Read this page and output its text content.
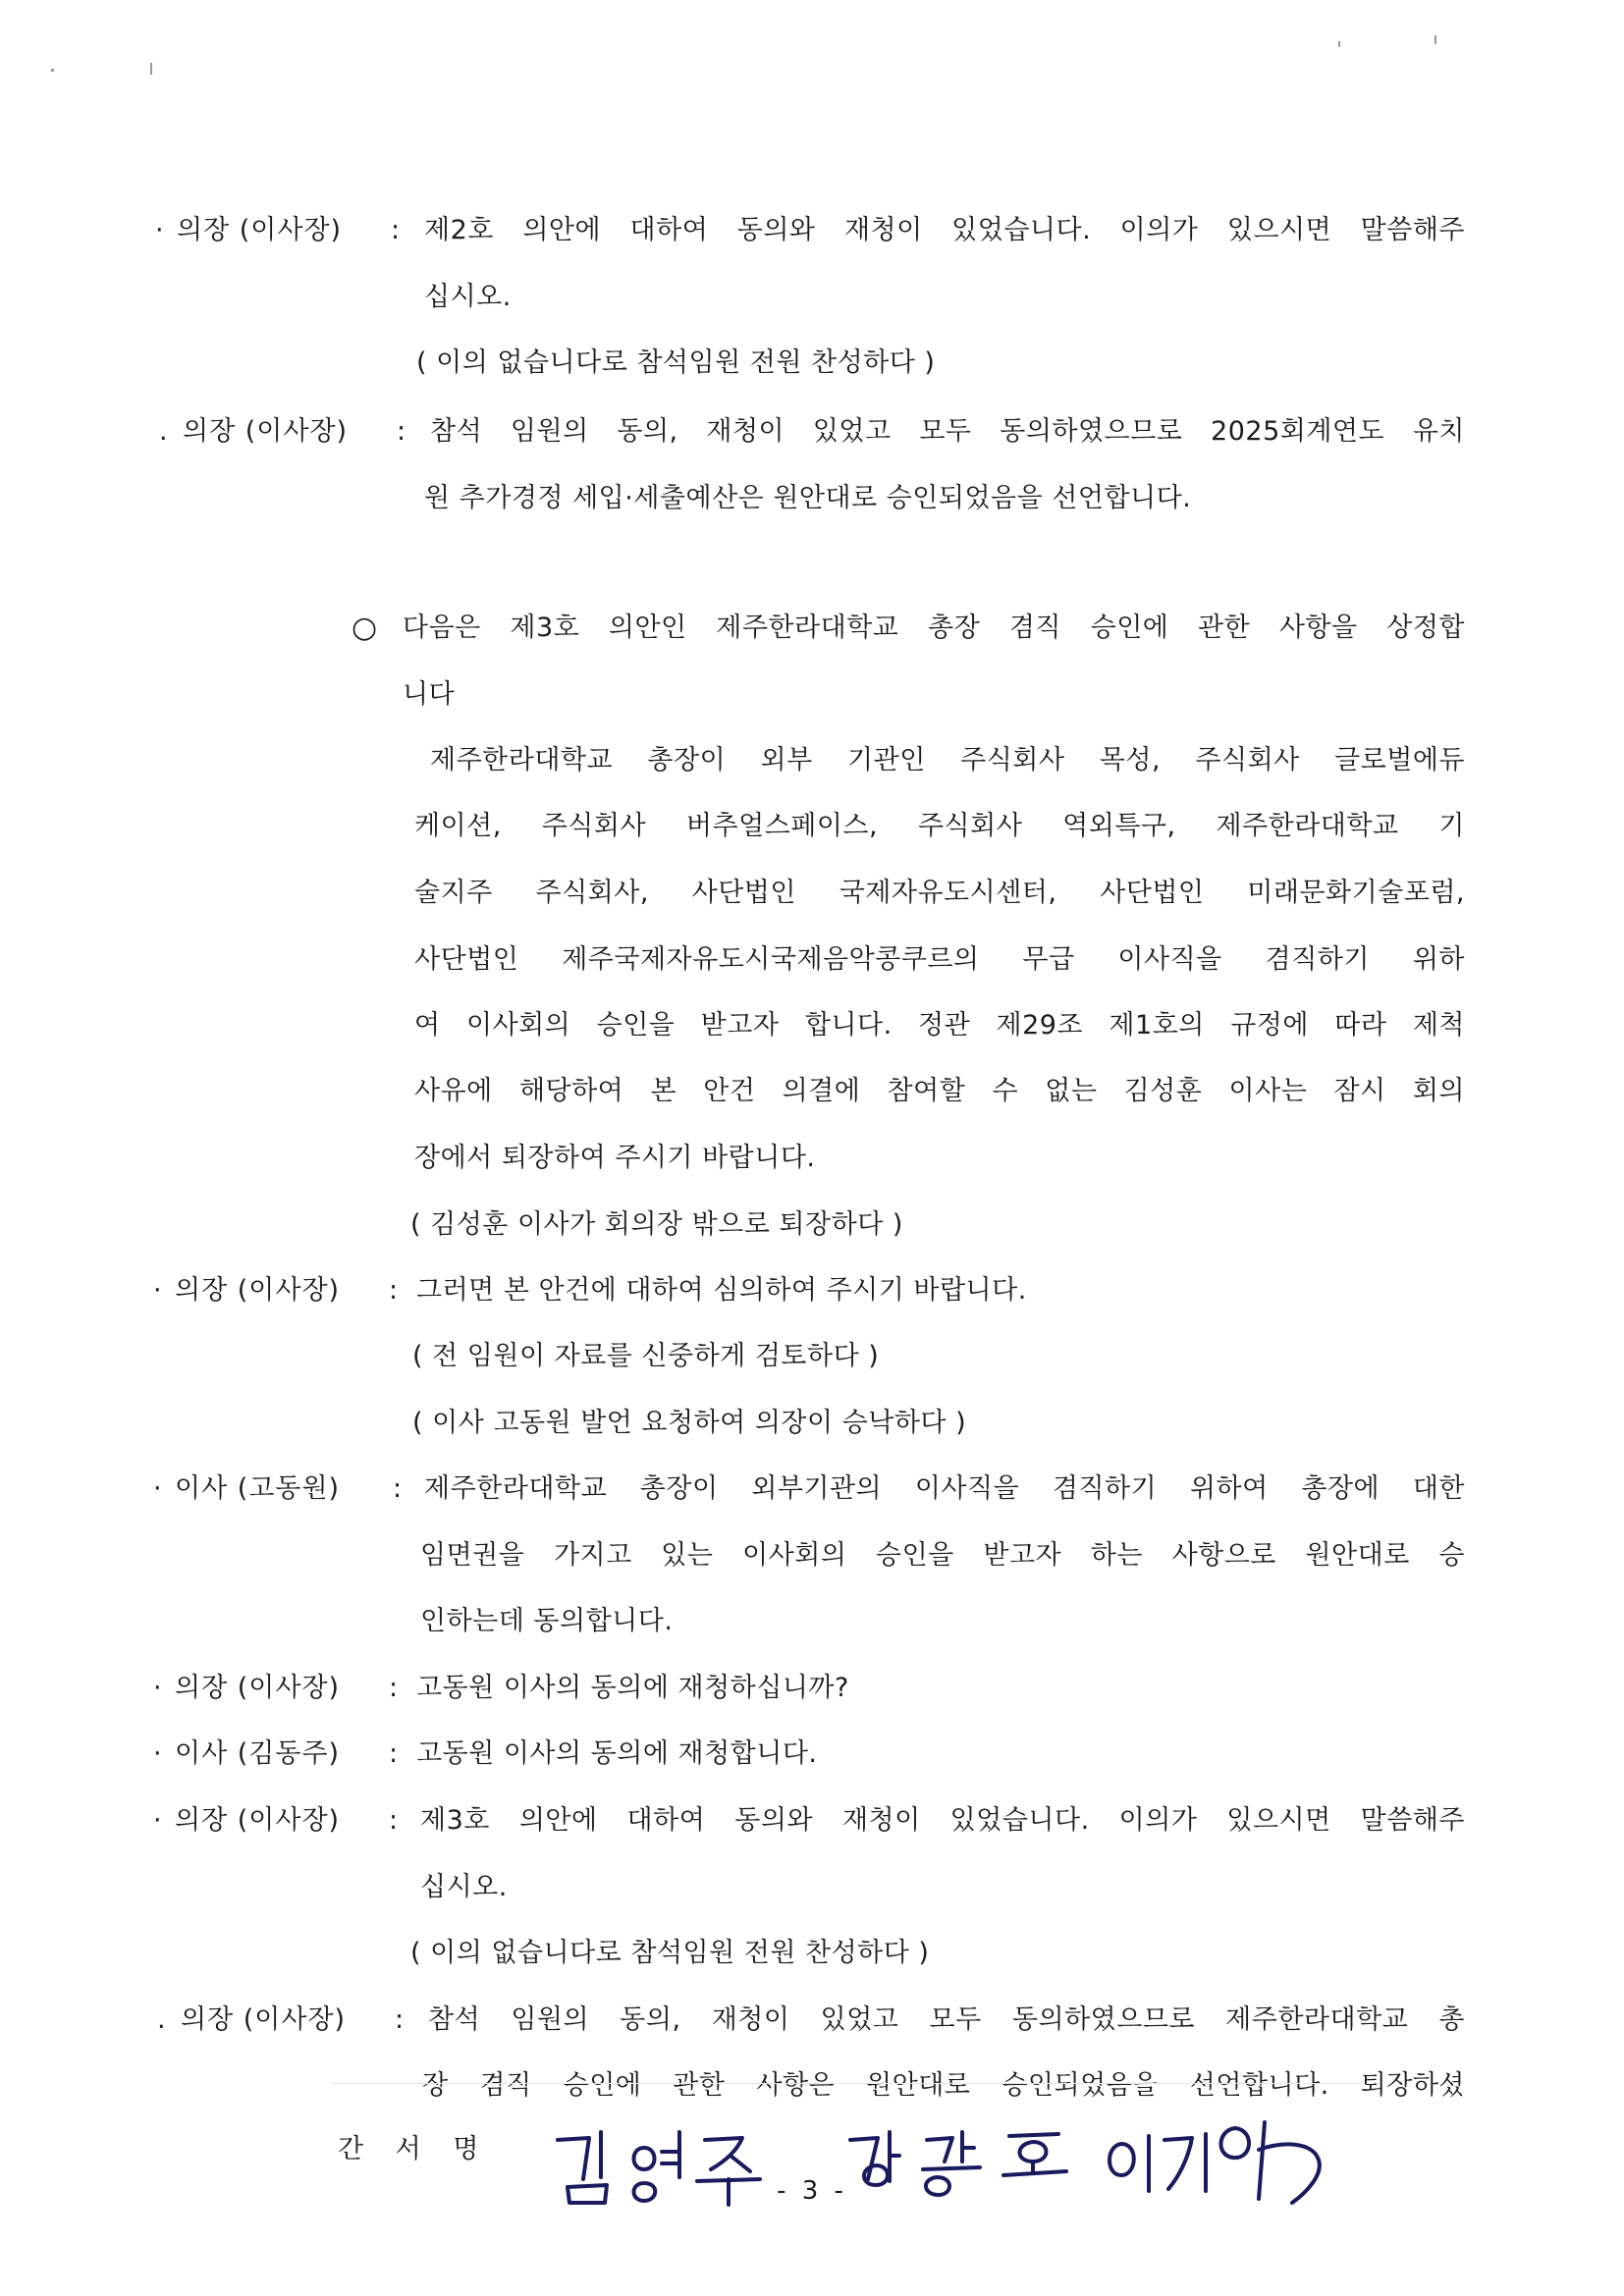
· 의장 (이사장) : 제2호 의안에 대하여 동의와 재청이 있었습니다. 이의가 있으시면 말씀해주
십시오.
( 이의 없습니다로 참석임원 전원 찬성하다 )
. 의장 (이사장) : 참석 임원의 동의, 재청이 있었고 모두 동의하였으므로 2025회계연도 유치
원 추가경정 세입·세출예산은 원안대로 승인되었음을 선언합니다.
○ 다음은 제3호 의안인 제주한라대학교 총장 겸직 승인에 관한 사항을 상정합
니다
제주한라대학교 총장이 외부 기관인 주식회사 목성, 주식회사 글로벌에듀
케이션, 주식회사 버추얼스페이스, 주식회사 역외특구, 제주한라대학교 기
술지주 주식회사, 사단법인 국제자유도시센터, 사단법인 미래문화기술포럼,
사단법인 제주국제자유도시국제음악콩쿠르의 무급 이사직을 겸직하기 위하
여 이사회의 승인을 받고자 합니다. 정관 제29조 제1호의 규정에 따라 제척
사유에 해당하여 본 안건 의결에 참여할 수 없는 김성훈 이사는 잠시 회의
장에서 퇴장하여 주시기 바랍니다.
( 김성훈 이사가 회의장 밖으로 퇴장하다 )
· 의장 (이사장) : 그러면 본 안건에 대하여 심의하여 주시기 바랍니다.
( 전 임원이 자료를 신중하게 검토하다 )
( 이사 고동원 발언 요청하여 의장이 승낙하다 )
· 이사 (고동원) : 제주한라대학교 총장이 외부기관의 이사직을 겸직하기 위하여 총장에 대한
임면권을 가지고 있는 이사회의 승인을 받고자 하는 사항으로 원안대로 승
인하는데 동의합니다.
· 의장 (이사장) : 고동원 이사의 동의에 재청하십니까?
· 이사 (김동주) : 고동원 이사의 동의에 재청합니다.
· 의장 (이사장) : 제3호 의안에 대하여 동의와 재청이 있었습니다. 이의가 있으시면 말씀해주
십시오.
( 이의 없습니다로 참석임원 전원 찬성하다 )
. 의장 (이사장) : 참석 임원의 동의, 재청이 있었고 모두 동의하였으므로 제주한라대학교 총
장 겸직 승인에 관한 사항은 원안대로 승인되었음을 선언합니다. 퇴장하셨
간 서 명
- 3 -
